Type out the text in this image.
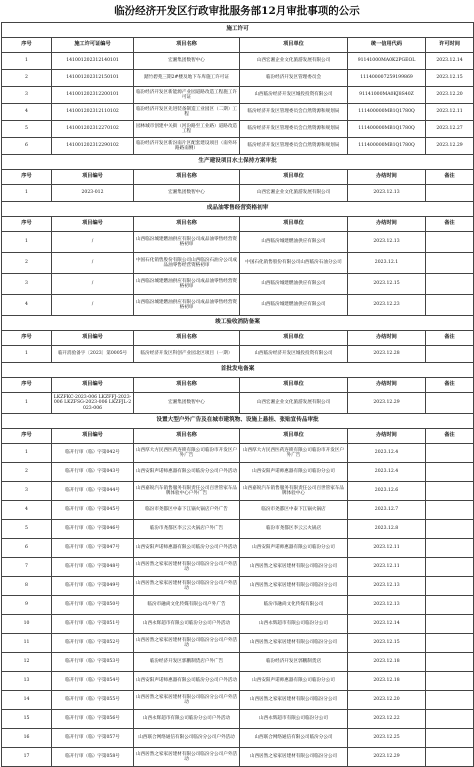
临汾经济开发区行政审批服务部12月审批事项的公示
施工许可					
序号	施工许可证编号	项目名称	项目单位	统一信用代码	许可时间
1	141001202312140101	宏湘集团数智中心	山西宏湘企业文化旅游发展有限公司	91141000MA0K2PGEOL	2023.12.14
2	141001202312150101	踏竹碧苑三期2#楼及地下车库施工许可证	临汾经济开发区管理委员会	111400007259199869	2023.12.15
3	141001202312200101	临汾经济开发区新能源产业园道路改造工程施工许可证	山西临汾经济开发区城投投资有限公司	91141000MA0KJ8S40Z	2023.12.20
4	141001202312110102	临汾经济开发区先进装备制造工业园区（二期）工程	临汾经济开发区管理委员会自然资源和规划局	111400000MB1Q1780Q	2023.12.11
5	141001202312270102	园林城市创建中关街（河汾路至工业路）道路改造工程	临汾经济开发区管理委员会自然资源和规划局	111400000MB1Q1780Q	2023.12.27
6	141001202312290102	临汾经济开发区新汾南片区配套建设项目（南外环路路南侧）	临汾经济开发区管理委员会自然资源和规划局	111400000MB1Q1780Q	2023.12.29
生产建设项目水土保持方案审批					
序号	项目编号	项目名称	项目单位	办结时间	备注
1	2023-012	宏湘集团数智中心	山西宏湘企业文化旅游发展有限公司	2023.12.13	
成品油零售经营资格初审					
序号	项目编号	项目名称	项目单位	办结时间	备注
1	/	山西临汾城建燃油供应有限公司成品油零售经营资格初审	山西临汾城建燃油供应有限公司	2023.12.13	
2	/	中国石化销售股份有限公司山西临汾石油分公司成品油零售经营资格初审	中国石化销售股份有限公司山西临汾石油分公司	2023.12.1	
3	/	山西临汾城建燃油供应有限公司成品油零售经营资格初审	山西临汾城建燃油供应有限公司	2023.12.15	
4	/	山西临汾城建燃油供应有限公司成品油零售经营资格初审	山西临汾城建燃油供应有限公司	2023.12.23	
竣工验收消防备案					
序号	项目编号	项目名称	项目单位	办结时间	备注
1	临开消验备字〔2023〕第0005号	临汾经济开发区科创产业园北区项目（一期）	山西临汾经济开发区城投投资有限公司	2023.12.28	
首批发电备案					
序号	项目编号	项目名称	项目单位	办结时间	备注
1	LKZFKC-2023-006 LKZFFJ-2023-006 LKZFSG-2023-006 LKZFJL-2023-006	宏湘集团数智中心	山西宏湘企业文化旅游发展有限公司	2023.12.29	
设置大型户外广告及在城市建筑物、设施上悬挂、张贴宣传品审批					
序号	项目编号	项目名称	项目单位	办结时间	备注
1	临开行审（临）字第042号	山西厚大方民西医药连锁有限公司临汾市开发区户外广告	山西厚大方民西医药连锁有限公司临汾市开发区户外广告	2023.12.4	
2	临开行审（临）字第043号	山西安阳声诺师惠器有限公司临汾分公司户外活动	山西安阳声诺师惠器有限公司临汾分公司	2023.12.4	
3	临开行审（临）字第044号	山西嘉锐汽车销售服务有限责任公司百世管家车品牌体验中心户外广告	山西嘉锐汽车销售服务有限责任公司百世管家车品牌体验中心	2023.12.6	
4	临开行审（临）字第045号	临汾市尧都区中泰下江锅火锅店户外广告	临汾市尧都区中泰下江锅火锅店	2023.12.7	
5	临开行审（临）字第046号	临汾市尧都区李云云火锅店户外广告	临汾市尧都区李云云火锅店	2023.12.8	
6	临开行审（临）字第047号	山西安阳声诺师惠器有限公司临汾分公司户外活动	山西安阳声诺师惠器有限公司临汾分公司	2023.12.11	
7	临开行审（临）字第048号	山西居然之家家居建材有限公司临汾分公司户外活动	山西居然之家家居建材有限公司临汾分公司	2023.12.11	
8	临开行审（临）字第049号	山西居然之家家居建材有限公司临汾分公司户外活动	山西居然之家家居建材有限公司临汾分公司	2023.12.13	
9	临开行审（临）字第050号	临汾市融尚文化传媒有限公司户外广告	临汾市融尚文化传媒有限公司	2023.12.13	
10	临开行审（临）字第051号	山西永辉超市有限公司临汾分公司户外活动	山西永辉超市有限公司临汾分公司	2023.12.14	
11	临开行审（临）字第052号	山西居然之家家居建材有限公司临汾分公司户外活动	山西居然之家家居建材有限公司临汾分公司	2023.12.15	
12	临开行审（临）字第053号	临汾经济开发区郭鹏制货店户外广告	临汾经济开发区郭鹏制货店	2023.12.18	
13	临开行审（临）字第054号	山西安阳声诺师惠器有限公司临汾分公司户外活动	山西安阳声诺师惠器有限公司临汾分公司	2023.12.18	
14	临开行审（临）字第055号	山西居然之家家居建材有限公司临汾分公司户外活动	山西居然之家家居建材有限公司临汾分公司	2023.12.20	
15	临开行审（临）字第056号	山西永辉超市有限公司临汾分公司户外活动	山西永辉超市有限公司临汾分公司	2023.12.22	
16	临开行审（临）字第057号	山西联合网络通信有限公司临汾分公司户外活动	山西联合网络通信有限公司临汾分公司	2023.12.25	
17	临开行审（临）字第058号	山西居然之家家居建材有限公司临汾分公司户外活动	山西居然之家家居建材有限公司临汾分公司	2023.12.29	
